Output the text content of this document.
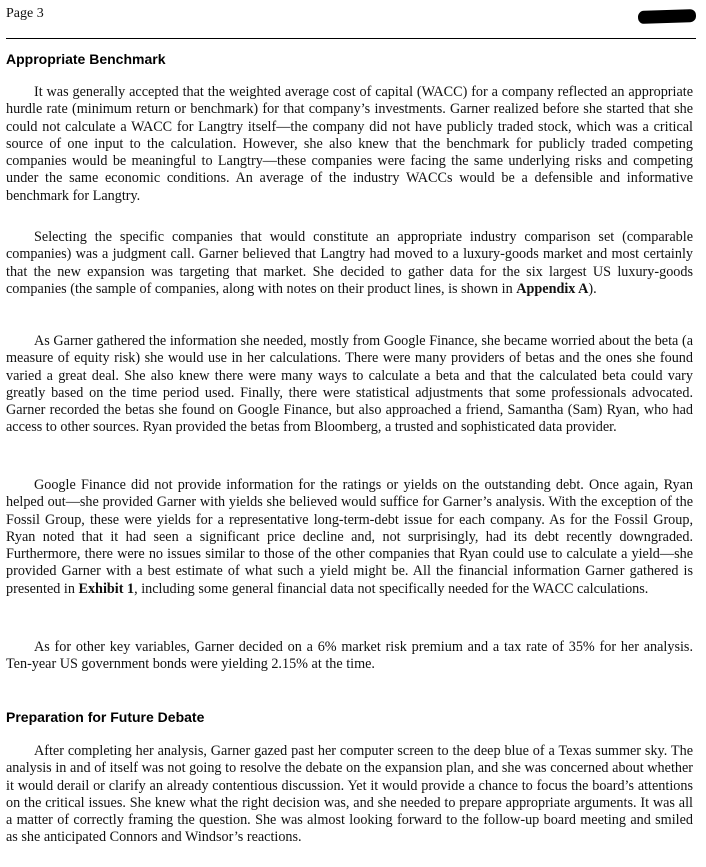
Page 3
Appropriate Benchmark

It was generally accepted that the weighted average cost of capital (WACC) for a company reflected an appropriate hurdle rate (minimum return or benchmark) for that company’s investments. Garner realized before she started that she could not calculate a WACC for Langtry itself—the company did not have publicly traded stock, which was a critical source of one input to the calculation. However, she also knew that the benchmark for publicly traded competing companies would be meaningful to Langtry—these companies were facing the same underlying risks and competing under the same economic conditions. An average of the industry WACCs would be a defensible and informative benchmark for Langtry.

Selecting the specific companies that would constitute an appropriate industry comparison set (comparable companies) was a judgment call. Garner believed that Langtry had moved to a luxury-goods market and most certainly that the new expansion was targeting that market. She decided to gather data for the six largest US luxury-goods companies (the sample of companies, along with notes on their product lines, is shown in Appendix A).

As Garner gathered the information she needed, mostly from Google Finance, she became worried about the beta (a measure of equity risk) she would use in her calculations. There were many providers of betas and the ones she found varied a great deal. She also knew there were many ways to calculate a beta and that the calculated beta could vary greatly based on the time period used. Finally, there were statistical adjustments that some professionals advocated. Garner recorded the betas she found on Google Finance, but also approached a friend, Samantha (Sam) Ryan, who had access to other sources. Ryan provided the betas from Bloomberg, a trusted and sophisticated data provider.

Google Finance did not provide information for the ratings or yields on the outstanding debt. Once again, Ryan helped out—she provided Garner with yields she believed would suffice for Garner’s analysis. With the exception of the Fossil Group, these were yields for a representative long-term-debt issue for each company. As for the Fossil Group, Ryan noted that it had seen a significant price decline and, not surprisingly, had its debt recently downgraded. Furthermore, there were no issues similar to those of the other companies that Ryan could use to calculate a yield—she provided Garner with a best estimate of what such a yield might be. All the financial information Garner gathered is presented in Exhibit 1, including some general financial data not specifically needed for the WACC calculations.

As for other key variables, Garner decided on a 6% market risk premium and a tax rate of 35% for her analysis. Ten-year US government bonds were yielding 2.15% at the time.

Preparation for Future Debate

After completing her analysis, Garner gazed past her computer screen to the deep blue of a Texas summer sky. The analysis in and of itself was not going to resolve the debate on the expansion plan, and she was concerned about whether it would derail or clarify an already contentious discussion. Yet it would provide a chance to focus the board’s attentions on the critical issues. She knew what the right decision was, and she needed to prepare appropriate arguments. It was all a matter of correctly framing the question. She was almost looking forward to the follow-up board meeting and smiled as she anticipated Connors and Windsor’s reactions.
